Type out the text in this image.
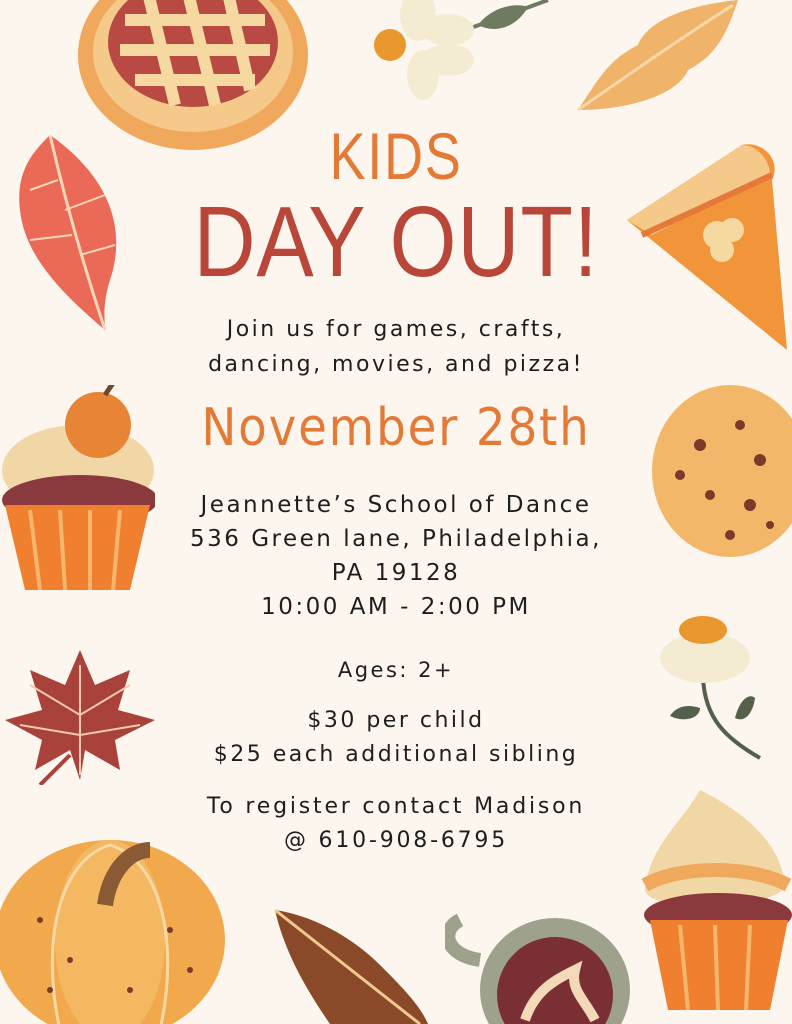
KIDS
DAY OUT!
Join us for games, crafts,
dancing, movies, and pizza!
November 28th
Jeannette’s School of Dance
536 Green lane, Philadelphia,
PA 19128
10:00 AM - 2:00 PM
Ages: 2+
$30 per child
$25 each additional sibling
To register contact Madison
@ 610-908-6795
